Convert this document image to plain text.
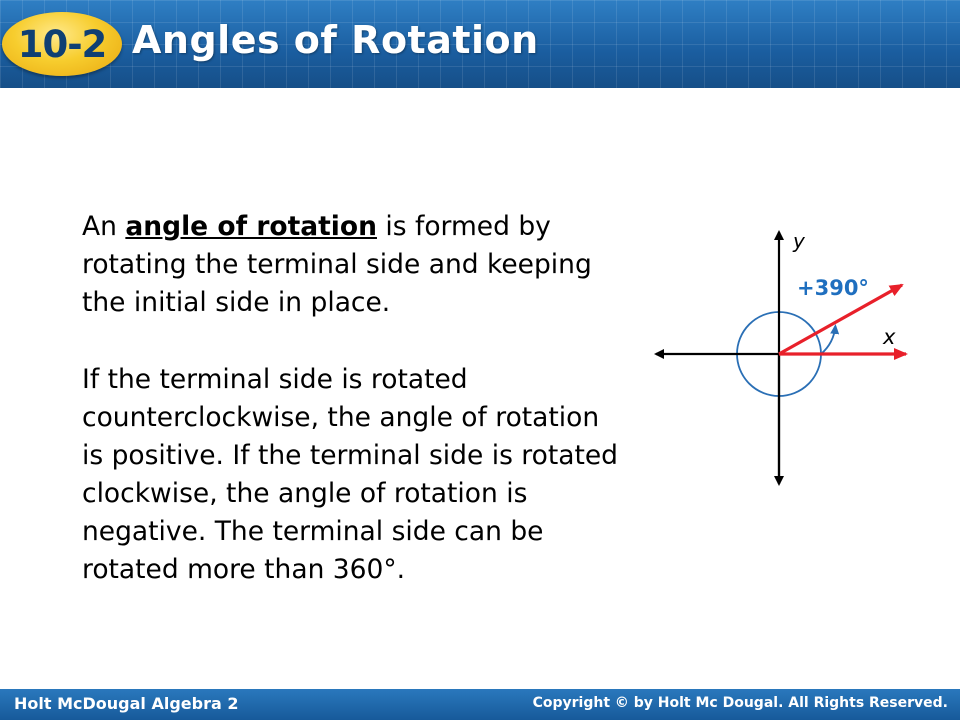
10-2 Angles of Rotation
An angle of rotation is formed by rotating the terminal side and keeping the initial side in place.
If the terminal side is rotated counterclockwise, the angle of rotation is positive. If the terminal side is rotated clockwise, the angle of rotation is negative. The terminal side can be rotated more than 360°.
y
x
+390°
Holt McDougal Algebra 2	Copyright © by Holt Mc Dougal. All Rights Reserved.
